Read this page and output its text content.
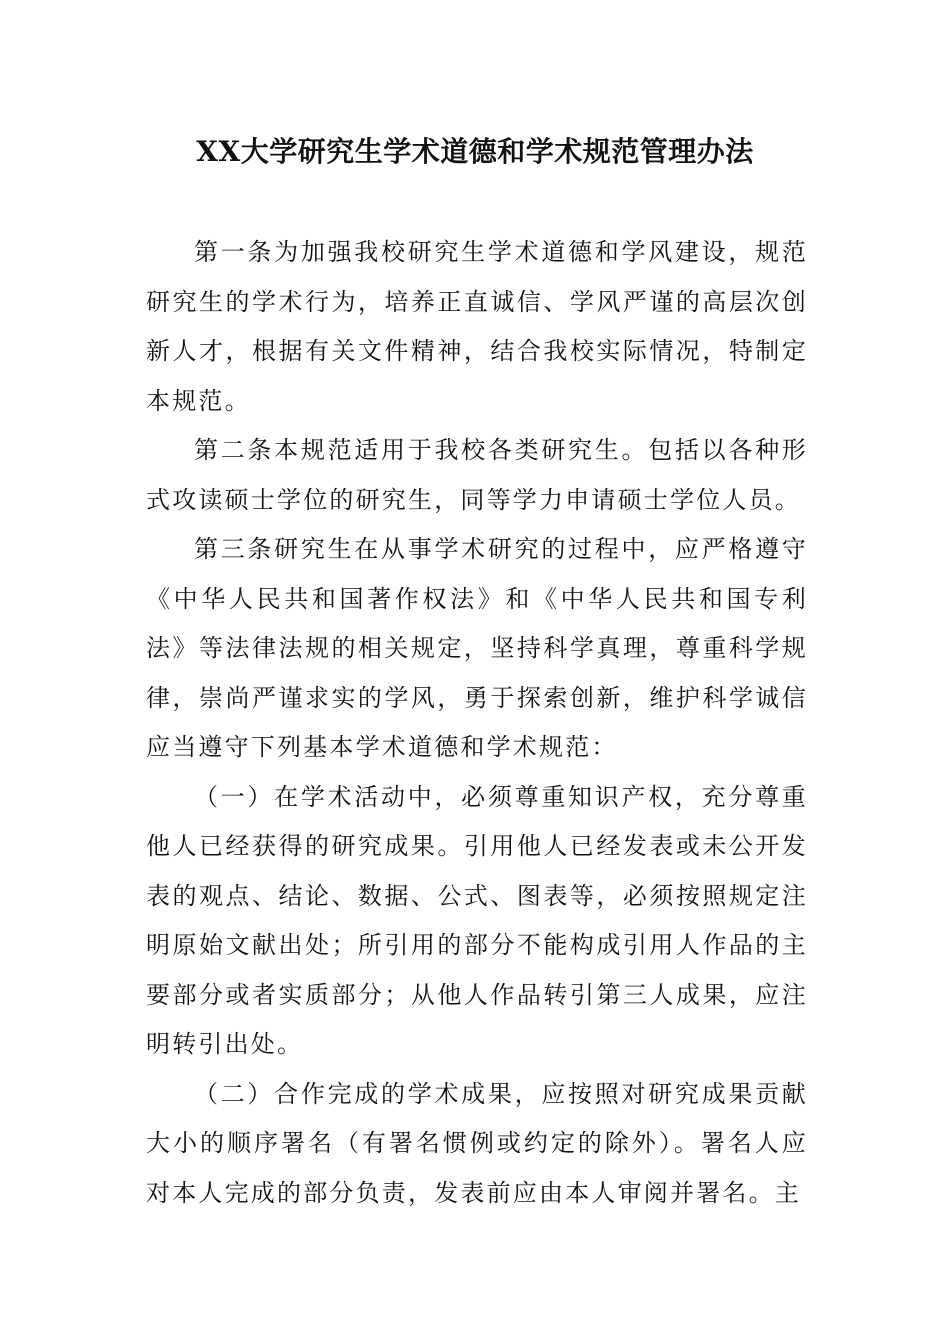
XX大学研究生学术道德和学术规范管理办法

第一条为加强我校研究生学术道德和学风建设，规范研究生的学术行为，培养正直诚信、学风严谨的高层次创新人才，根据有关文件精神，结合我校实际情况，特制定本规范。

第二条本规范适用于我校各类研究生。包括以各种形式攻读硕士学位的研究生，同等学力申请硕士学位人员。

第三条研究生在从事学术研究的过程中，应严格遵守《中华人民共和国著作权法》和《中华人民共和国专利法》等法律法规的相关规定，坚持科学真理，尊重科学规律，崇尚严谨求实的学风，勇于探索创新，维护科学诚信应当遵守下列基本学术道德和学术规范：

（一）在学术活动中，必须尊重知识产权，充分尊重他人已经获得的研究成果。引用他人已经发表或未公开发表的观点、结论、数据、公式、图表等，必须按照规定注明原始文献出处；所引用的部分不能构成引用人作品的主要部分或者实质部分；从他人作品转引第三人成果，应注明转引出处。

（二）合作完成的学术成果，应按照对研究成果贡献大小的顺序署名（有署名惯例或约定的除外）。署名人应对本人完成的部分负责，发表前应由本人审阅并署名。主
